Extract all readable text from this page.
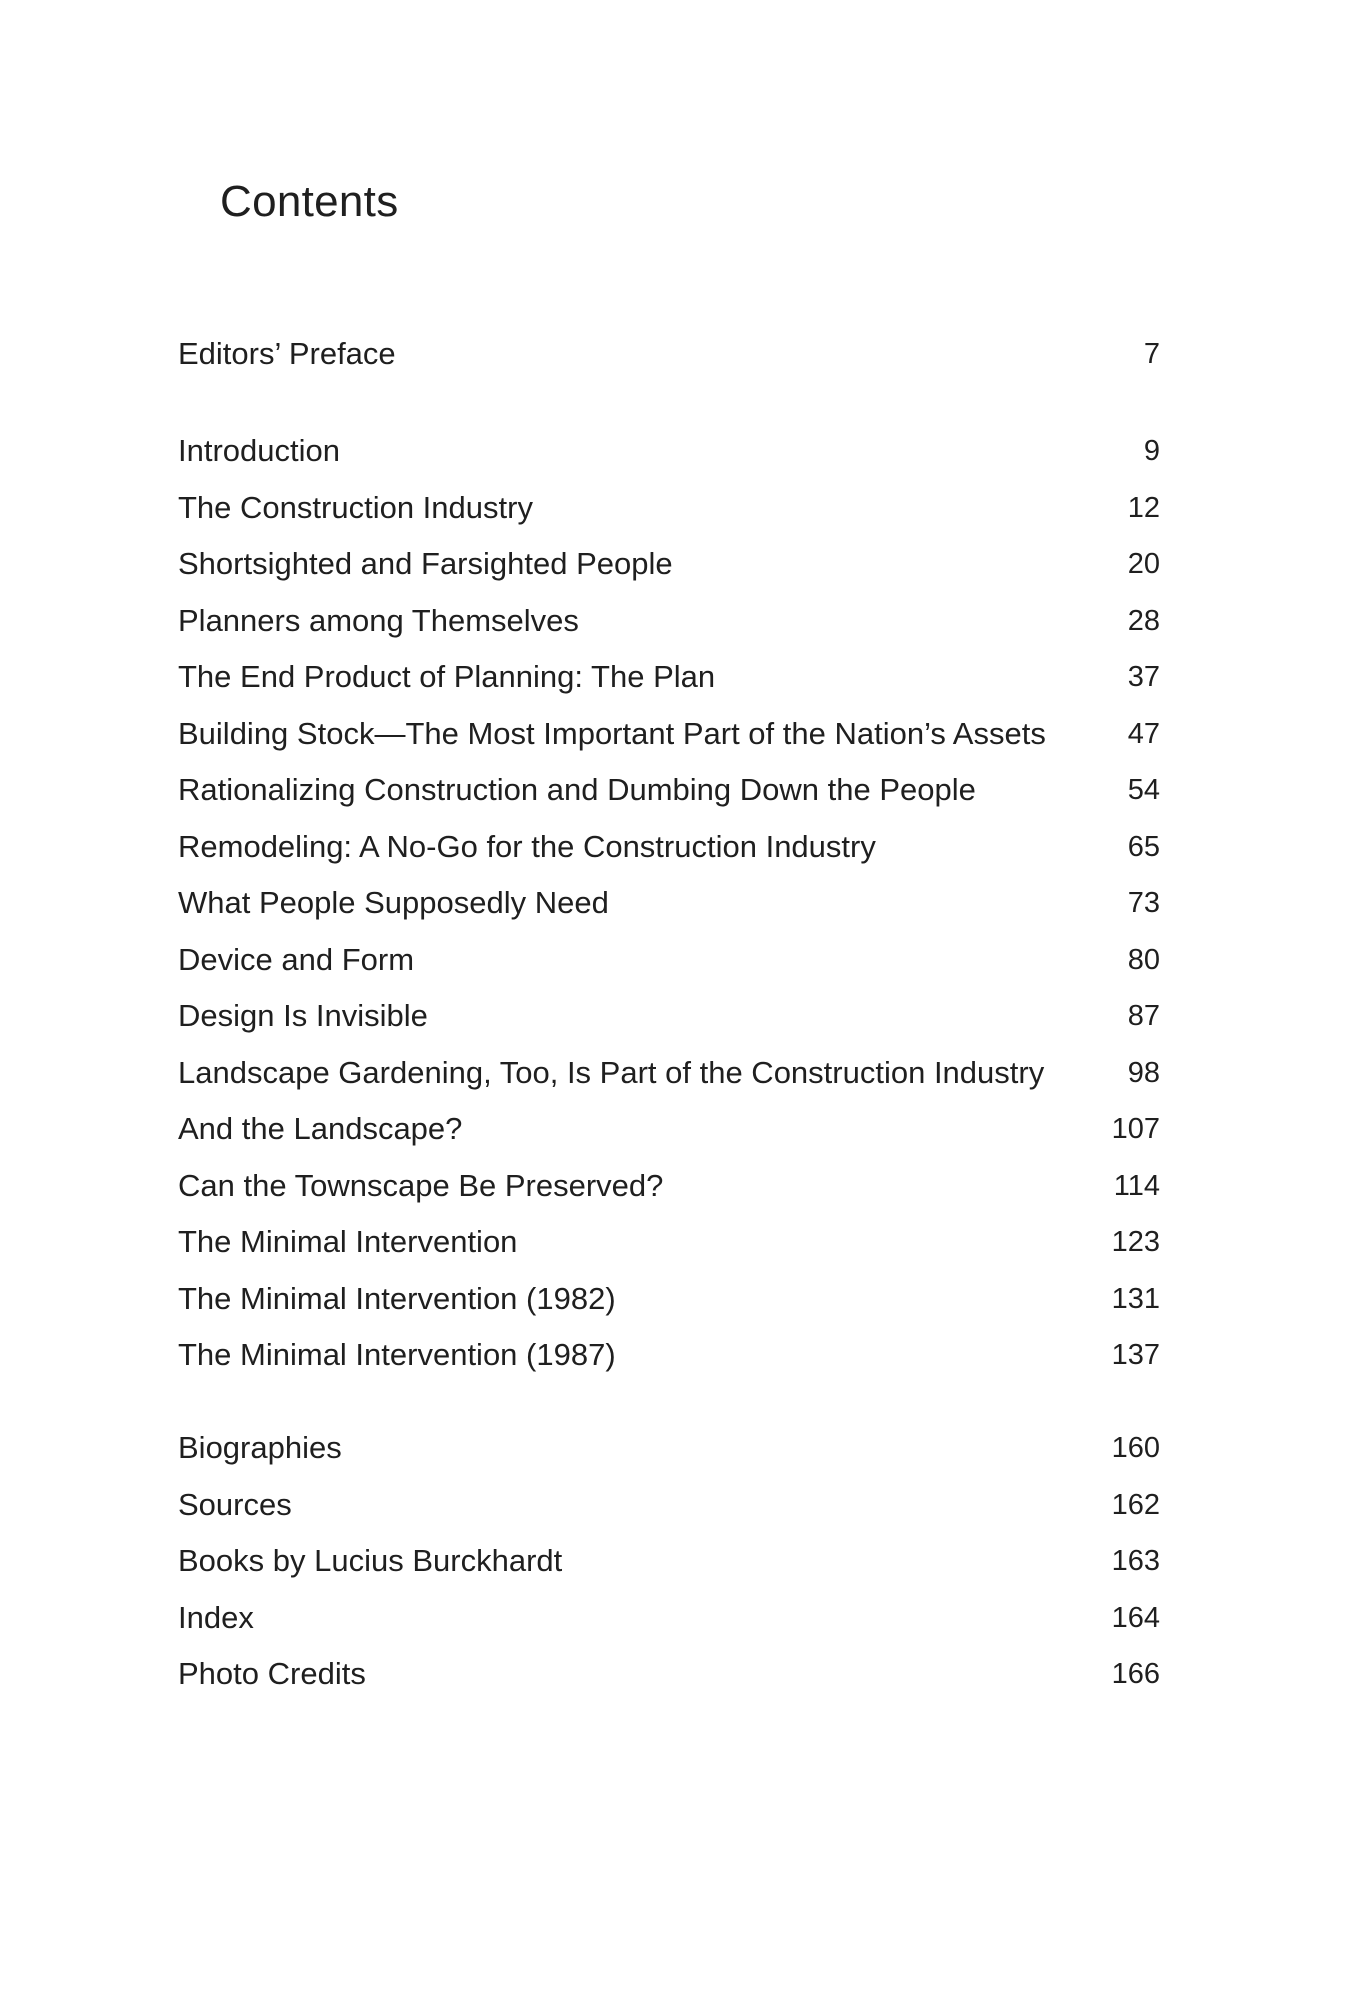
Contents
Editors’ Preface	7
Introduction	9
The Construction Industry	12
Shortsighted and Farsighted People	20
Planners among Themselves	28
The End Product of Planning: The Plan	37
Building Stock—The Most Important Part of the Nation’s Assets	47
Rationalizing Construction and Dumbing Down the People	54
Remodeling: A No-Go for the Construction Industry	65
What People Supposedly Need	73
Device and Form	80
Design Is Invisible	87
Landscape Gardening, Too, Is Part of the Construction Industry	98
And the Landscape?	107
Can the Townscape Be Preserved?	114
The Minimal Intervention	123
The Minimal Intervention (1982)	131
The Minimal Intervention (1987)	137
Biographies	160
Sources	162
Books by Lucius Burckhardt	163
Index	164
Photo Credits	166
